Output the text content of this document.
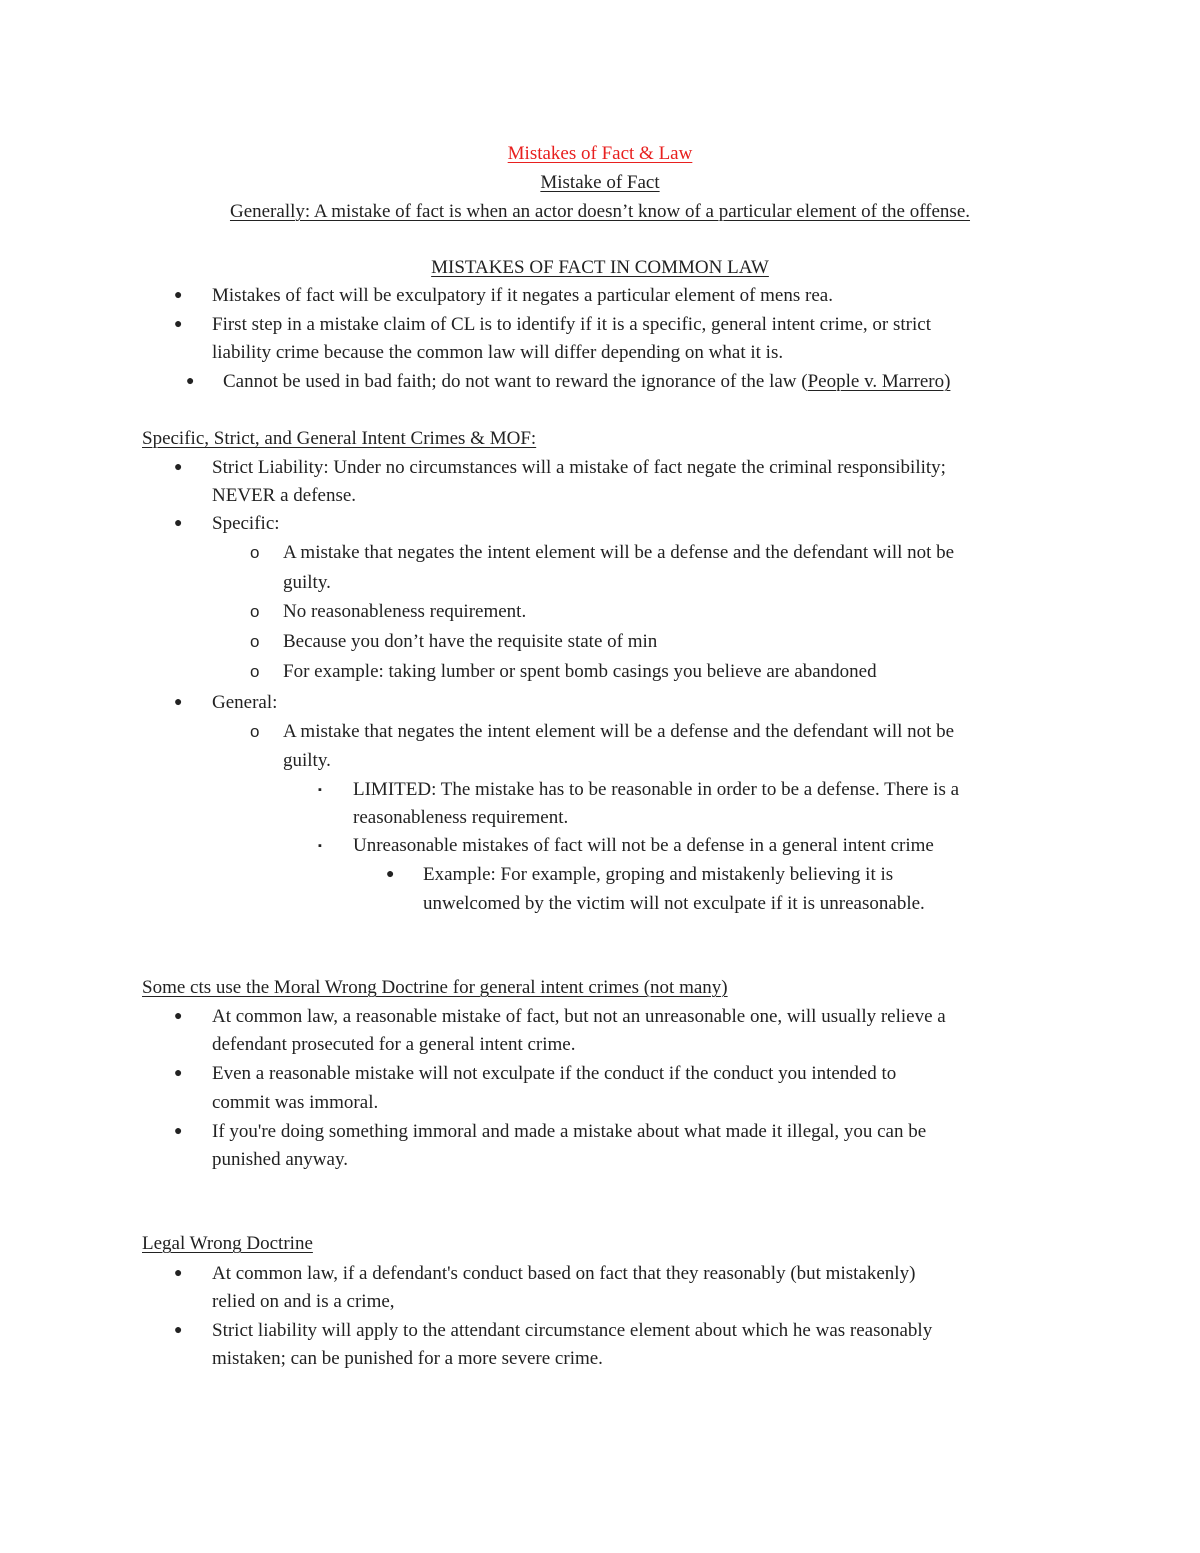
Mistakes of Fact & Law
Mistake of Fact
Generally: A mistake of fact is when an actor doesn’t know of a particular element of the offense.
MISTAKES OF FACT IN COMMON LAW
●
Mistakes of fact will be exculpatory if it negates a particular element of mens rea.
●
First step in a mistake claim of CL is to identify if it is a specific, general intent crime, or strict
liability crime because the common law will differ depending on what it is.
●
Cannot be used in bad faith; do not want to reward the ignorance of the law (People v. Marrero)
Specific, Strict, and General Intent Crimes & MOF:
●
Strict Liability: Under no circumstances will a mistake of fact negate the criminal responsibility;
NEVER a defense.
●
Specific:
o A mistake that negates the intent element will be a defense and the defendant will not be
guilty.
o No reasonableness requirement.
o Because you don’t have the requisite state of min
o For example: taking lumber or spent bomb casings you believe are abandoned
●
General:
o A mistake that negates the intent element will be a defense and the defendant will not be
guilty.
▪ LIMITED: The mistake has to be reasonable in order to be a defense. There is a
reasonableness requirement.
▪ Unreasonable mistakes of fact will not be a defense in a general intent crime
●
Example: For example, groping and mistakenly believing it is
unwelcomed by the victim will not exculpate if it is unreasonable.
Some cts use the Moral Wrong Doctrine for general intent crimes (not many)
●
At common law, a reasonable mistake of fact, but not an unreasonable one, will usually relieve a
defendant prosecuted for a general intent crime.
●
Even a reasonable mistake will not exculpate if the conduct if the conduct you intended to
commit was immoral.
●
If you're doing something immoral and made a mistake about what made it illegal, you can be
punished anyway.
Legal Wrong Doctrine
●
At common law, if a defendant's conduct based on fact that they reasonably (but mistakenly)
relied on and is a crime,
●
Strict liability will apply to the attendant circumstance element about which he was reasonably
mistaken; can be punished for a more severe crime.
